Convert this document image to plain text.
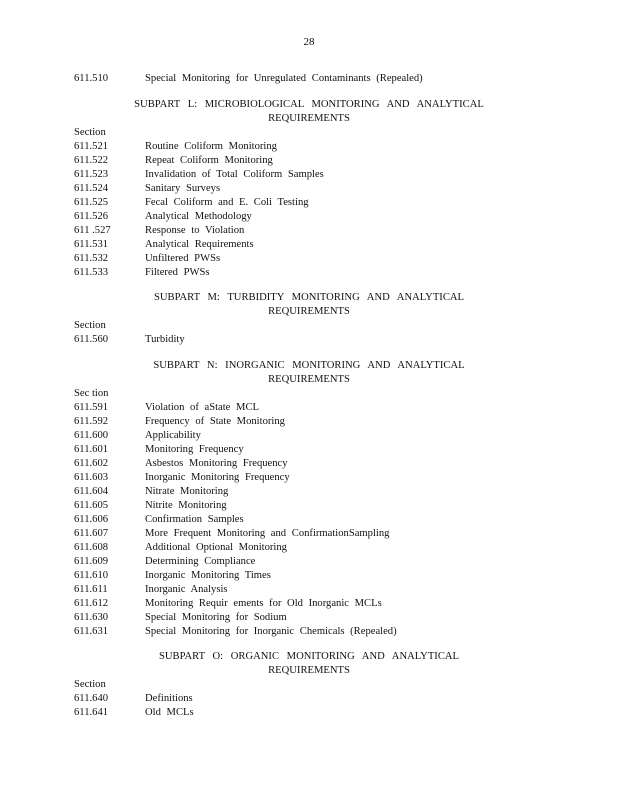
28
611.510	Special Monitoring for Unregulated Contaminants (Repealed)
SUBPART L: MICROBIOLOGICAL MONITORING AND ANALYTICAL
REQUIREMENTS
Section
611.521	Routine Coliform Monitoring
611.522	Repeat Coliform Monitoring
611.523	Invalidation of Total Coliform Samples
611.524	Sanitary Surveys
611.525	Fecal Coliform and E. Coli Testing
611.526	Analytical Methodology
611 .527	Response to Violation
611.531	Analytical Requirements
611.532	Unfiltered PWSs
611.533	Filtered PWSs
SUBPART M: TURBIDITY MONITORING AND ANALYTICAL
REQUIREMENTS
Section
611.560	Turbidity
SUBPART N: INORGANIC MONITORING AND ANALYTICAL
REQUIREMENTS
Sec tion
611.591	Violation of aState MCL
611.592	Frequency of State Monitoring
611.600	Applicability
611.601	Monitoring Frequency
611.602	Asbestos Monitoring Frequency
611.603	Inorganic Monitoring Frequency
611.604	Nitrate Monitoring
611.605	Nitrite Monitoring
611.606	Confirmation Samples
611.607	More Frequent Monitoring and ConfirmationSampling
611.608	Additional Optional Monitoring
611.609	Determining Compliance
611.610	Inorganic Monitoring Times
611.611	Inorganic Analysis
611.612	Monitoring Requir ements for Old Inorganic MCLs
611.630	Special Monitoring for Sodium
611.631	Special Monitoring for Inorganic Chemicals (Repealed)
SUBPART O: ORGANIC MONITORING AND ANALYTICAL
REQUIREMENTS
Section
611.640	Definitions
611.641	Old MCLs
